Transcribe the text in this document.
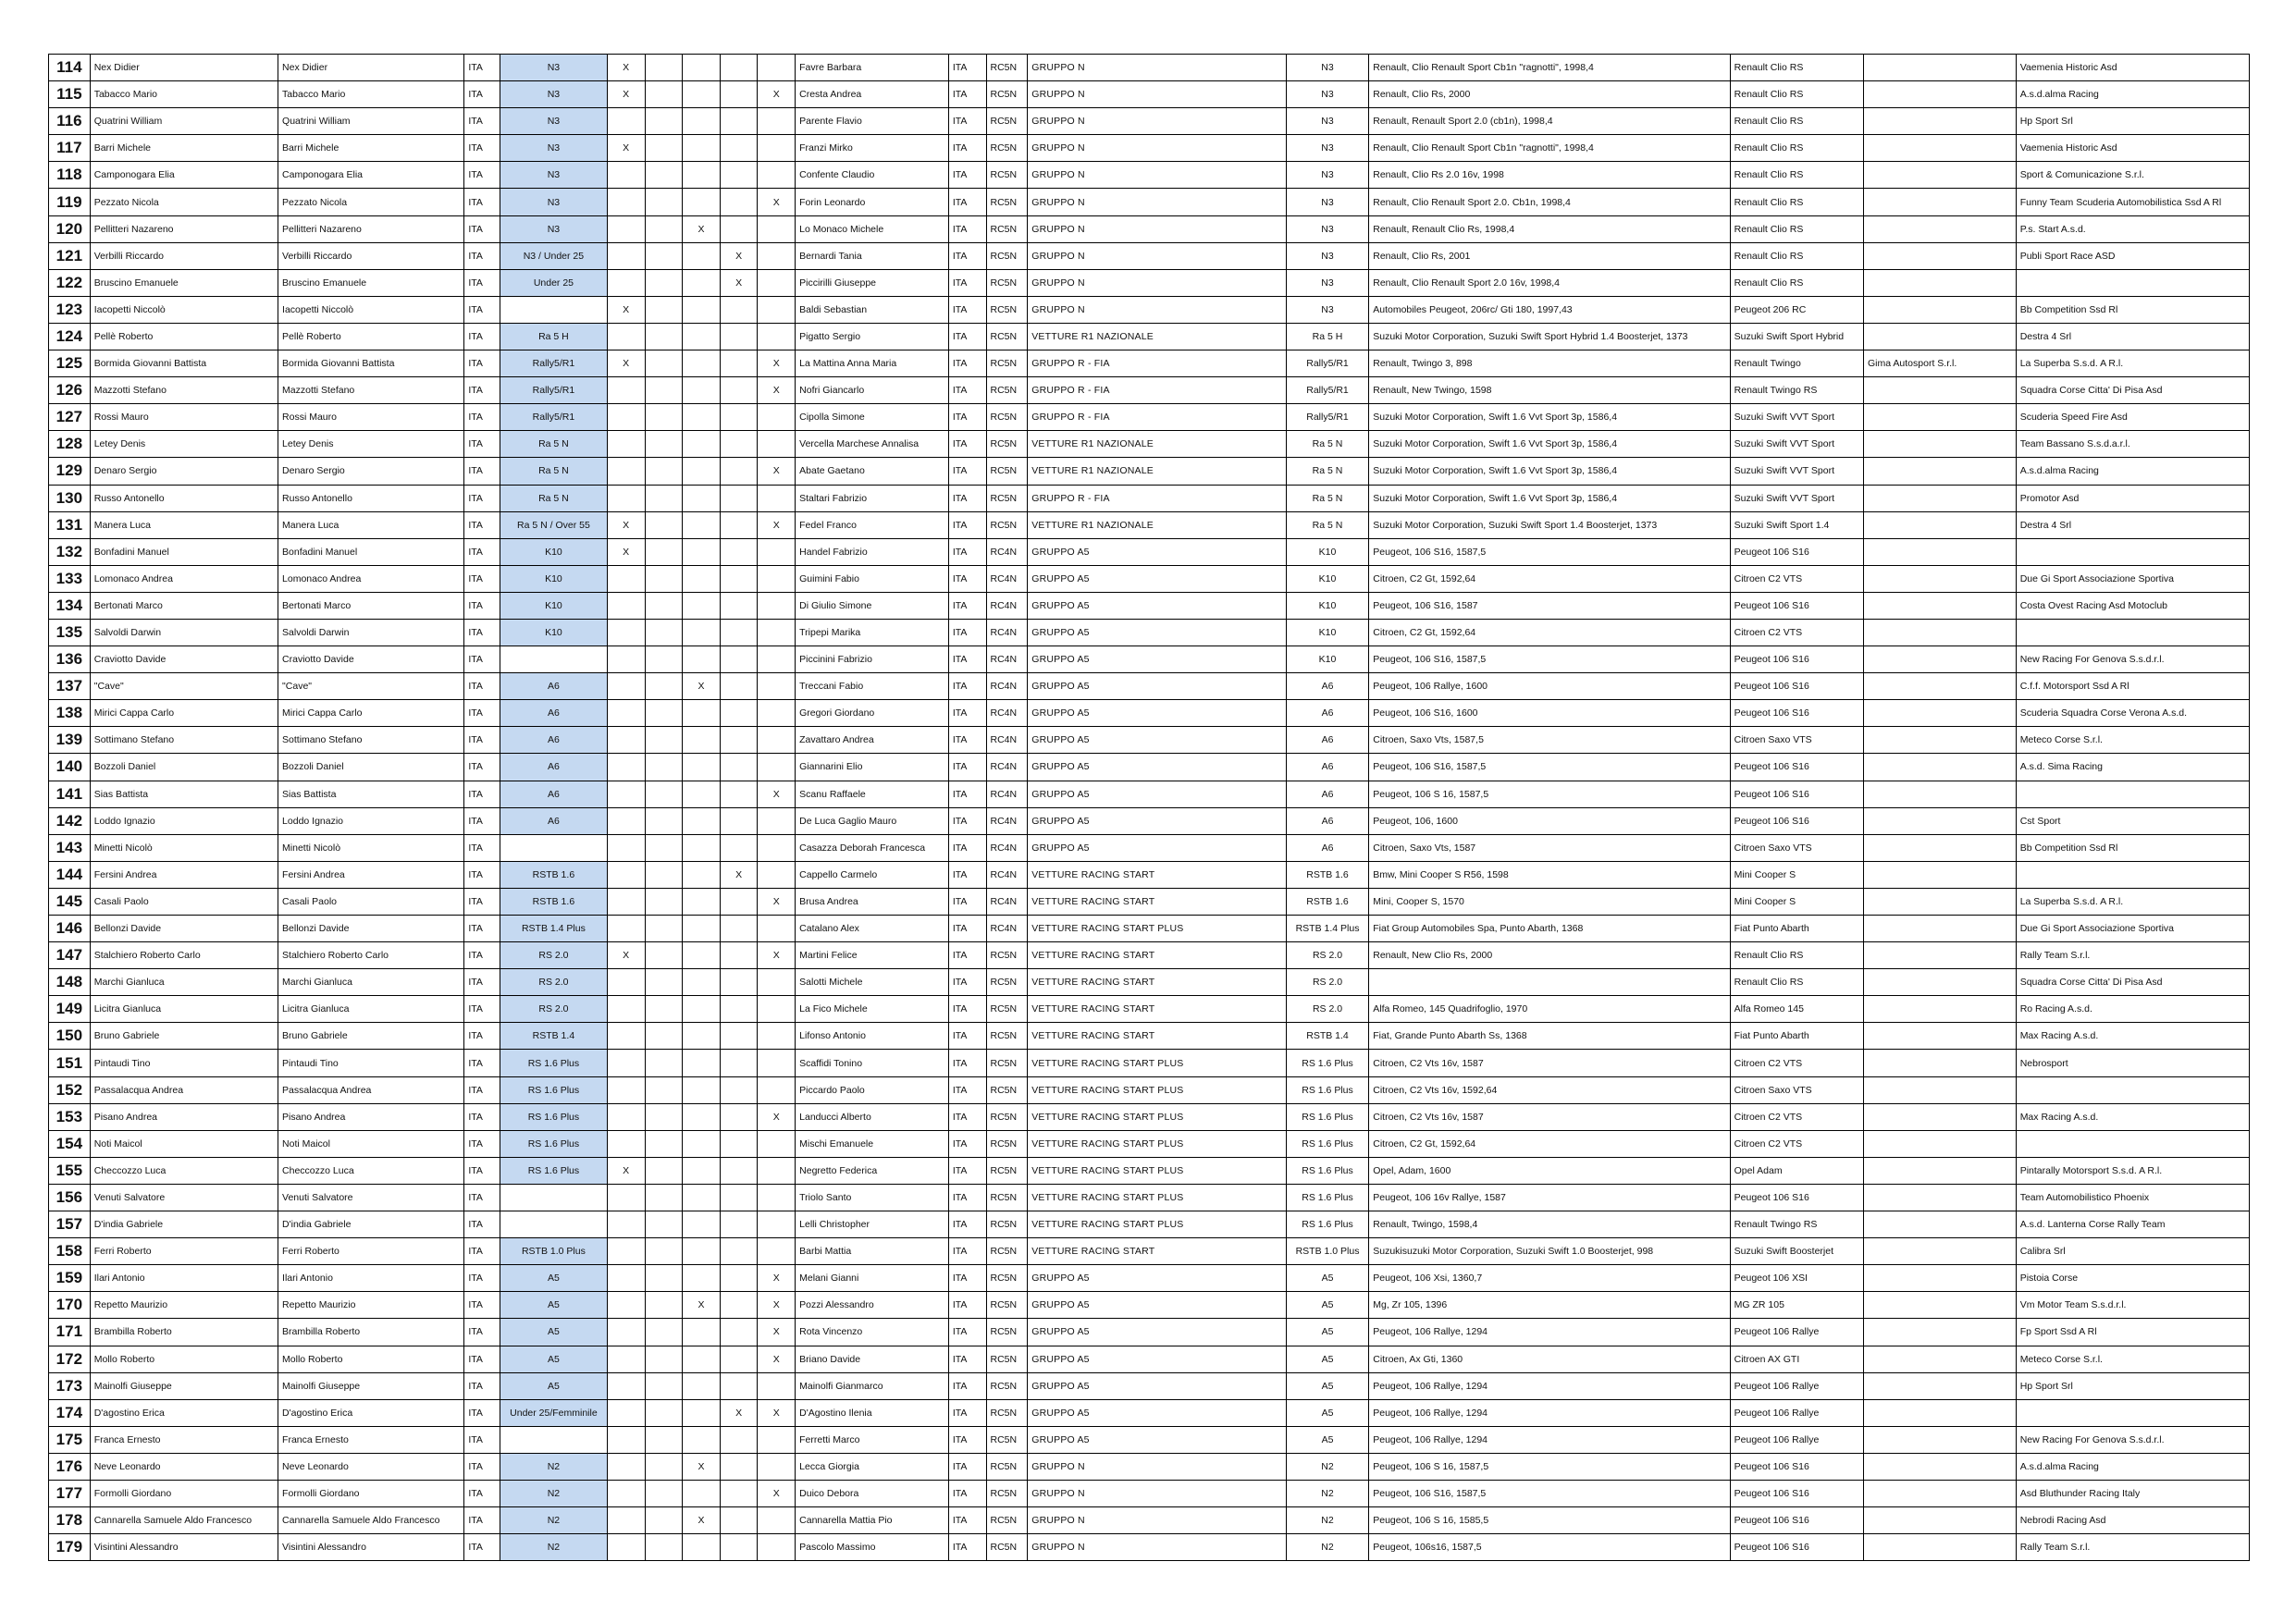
114	Nex Didier	Nex Didier	ITA	N3	X					Favre Barbara	ITA	RC5N	GRUPPO N	N3	Renault, Clio Renault Sport Cb1n "ragnotti", 1998,4	Renault Clio RS		Vaemenia Historic Asd
115	Tabacco Mario	Tabacco Mario	ITA	N3	X				X	Cresta Andrea	ITA	RC5N	GRUPPO N	N3	Renault, Clio Rs, 2000	Renault Clio RS		A.s.d.alma Racing
116	Quatrini William	Quatrini William	ITA	N3						Parente Flavio	ITA	RC5N	GRUPPO N	N3	Renault, Renault Sport 2.0 (cb1n), 1998,4	Renault Clio RS		Hp Sport Srl
117	Barri Michele	Barri Michele	ITA	N3	X					Franzi Mirko	ITA	RC5N	GRUPPO N	N3	Renault, Clio Renault Sport Cb1n "ragnotti", 1998,4	Renault Clio RS		Vaemenia Historic Asd
118	Camponogara Elia	Camponogara Elia	ITA	N3						Confente Claudio	ITA	RC5N	GRUPPO N	N3	Renault, Clio Rs 2.0 16v, 1998	Renault Clio RS		Sport & Comunicazione S.r.l.
119	Pezzato Nicola	Pezzato Nicola	ITA	N3					X	Forin Leonardo	ITA	RC5N	GRUPPO N	N3	Renault, Clio Renault Sport 2.0. Cb1n, 1998,4	Renault Clio RS		Funny Team Scuderia Automobilistica Ssd A Rl
120	Pellitteri Nazareno	Pellitteri Nazareno	ITA	N3			X			Lo Monaco Michele	ITA	RC5N	GRUPPO N	N3	Renault, Renault Clio Rs, 1998,4	Renault Clio RS		P.s. Start A.s.d.
121	Verbilli Riccardo	Verbilli Riccardo	ITA	N3 / Under 25				X		Bernardi Tania	ITA	RC5N	GRUPPO N	N3	Renault, Clio Rs, 2001	Renault Clio RS		Publi Sport Race ASD
122	Bruscino Emanuele	Bruscino Emanuele	ITA	Under 25				X		Piccirilli Giuseppe	ITA	RC5N	GRUPPO N	N3	Renault, Clio Renault Sport 2.0 16v, 1998,4	Renault Clio RS		
123	Iacopetti Niccolò	Iacopetti Niccolò	ITA		X					Baldi Sebastian	ITA	RC5N	GRUPPO N	N3	Automobiles Peugeot, 206rc/ Gti 180, 1997,43	Peugeot 206 RC		Bb Competition Ssd Rl
124	Pellè Roberto	Pellè Roberto	ITA	Ra 5 H						Pigatto Sergio	ITA	RC5N	VETTURE R1 NAZIONALE	Ra 5 H	Suzuki Motor Corporation, Suzuki Swift Sport Hybrid 1.4 Boosterjet, 1373	Suzuki Swift Sport Hybrid		Destra 4 Srl
125	Bormida Giovanni Battista	Bormida Giovanni Battista	ITA	Rally5/R1	X				X	La Mattina Anna Maria	ITA	RC5N	GRUPPO R - FIA	Rally5/R1	Renault, Twingo 3, 898	Renault Twingo	Gima Autosport S.r.l.	La Superba S.s.d. A R.l.
126	Mazzotti Stefano	Mazzotti Stefano	ITA	Rally5/R1					X	Nofri Giancarlo	ITA	RC5N	GRUPPO R - FIA	Rally5/R1	Renault, New Twingo, 1598	Renault Twingo RS		Squadra Corse Citta' Di Pisa Asd
127	Rossi Mauro	Rossi Mauro	ITA	Rally5/R1						Cipolla Simone	ITA	RC5N	GRUPPO R - FIA	Rally5/R1	Suzuki Motor Corporation, Swift 1.6 Vvt Sport 3p, 1586,4	Suzuki Swift VVT Sport		Scuderia Speed Fire Asd
128	Letey Denis	Letey Denis	ITA	Ra 5 N						Vercella Marchese Annalisa	ITA	RC5N	VETTURE R1 NAZIONALE	Ra 5 N	Suzuki Motor Corporation, Swift 1.6 Vvt Sport 3p, 1586,4	Suzuki Swift VVT Sport		Team Bassano S.s.d.a.r.l.
129	Denaro Sergio	Denaro Sergio	ITA	Ra 5 N					X	Abate Gaetano	ITA	RC5N	VETTURE R1 NAZIONALE	Ra 5 N	Suzuki Motor Corporation, Swift 1.6 Vvt Sport 3p, 1586,4	Suzuki Swift VVT Sport		A.s.d.alma Racing
130	Russo Antonello	Russo Antonello	ITA	Ra 5 N						Staltari Fabrizio	ITA	RC5N	GRUPPO R - FIA	Ra 5 N	Suzuki Motor Corporation, Swift 1.6 Vvt Sport 3p, 1586,4	Suzuki Swift VVT Sport		Promotor Asd
131	Manera Luca	Manera Luca	ITA	Ra 5 N / Over 55	X				X	Fedel Franco	ITA	RC5N	VETTURE R1 NAZIONALE	Ra 5 N	Suzuki Motor Corporation, Suzuki Swift Sport 1.4 Boosterjet, 1373	Suzuki Swift Sport 1.4		Destra 4 Srl
132	Bonfadini Manuel	Bonfadini Manuel	ITA	K10	X					Handel Fabrizio	ITA	RC4N	GRUPPO A5	K10	Peugeot, 106 S16, 1587,5	Peugeot 106 S16		
133	Lomonaco Andrea	Lomonaco Andrea	ITA	K10						Guimini Fabio	ITA	RC4N	GRUPPO A5	K10	Citroen, C2 Gt, 1592,64	Citroen C2 VTS		Due Gi Sport Associazione Sportiva
134	Bertonati Marco	Bertonati Marco	ITA	K10						Di Giulio Simone	ITA	RC4N	GRUPPO A5	K10	Peugeot, 106 S16, 1587	Peugeot 106 S16		Costa Ovest Racing Asd Motoclub
135	Salvoldi Darwin	Salvoldi Darwin	ITA	K10						Tripepi Marika	ITA	RC4N	GRUPPO A5	K10	Citroen, C2 Gt, 1592,64	Citroen C2 VTS		
136	Craviotto Davide	Craviotto Davide	ITA							Piccinini Fabrizio	ITA	RC4N	GRUPPO A5	K10	Peugeot, 106 S16, 1587,5	Peugeot 106 S16		New Racing For Genova S.s.d.r.l.
137	"Cave"	"Cave"	ITA	A6			X			Treccani Fabio	ITA	RC4N	GRUPPO A5	A6	Peugeot, 106 Rallye, 1600	Peugeot 106 S16		C.f.f. Motorsport Ssd A Rl
138	Mirici Cappa Carlo	Mirici Cappa Carlo	ITA	A6						Gregori Giordano	ITA	RC4N	GRUPPO A5	A6	Peugeot, 106 S16, 1600	Peugeot 106 S16		Scuderia Squadra Corse Verona A.s.d.
139	Sottimano Stefano	Sottimano Stefano	ITA	A6						Zavattaro Andrea	ITA	RC4N	GRUPPO A5	A6	Citroen, Saxo Vts, 1587,5	Citroen Saxo VTS		Meteco Corse S.r.l.
140	Bozzoli Daniel	Bozzoli Daniel	ITA	A6						Giannarini Elio	ITA	RC4N	GRUPPO A5	A6	Peugeot, 106 S16, 1587,5	Peugeot 106 S16		A.s.d. Sima Racing
141	Sias Battista	Sias Battista	ITA	A6					X	Scanu Raffaele	ITA	RC4N	GRUPPO A5	A6	Peugeot, 106 S 16, 1587,5	Peugeot 106 S16		
142	Loddo Ignazio	Loddo Ignazio	ITA	A6						De Luca Gaglio Mauro	ITA	RC4N	GRUPPO A5	A6	Peugeot, 106, 1600	Peugeot 106 S16		Cst Sport
143	Minetti Nicolò	Minetti Nicolò	ITA							Casazza Deborah Francesca	ITA	RC4N	GRUPPO A5	A6	Citroen, Saxo Vts, 1587	Citroen Saxo VTS		Bb Competition Ssd Rl
144	Fersini Andrea	Fersini Andrea	ITA	RSTB 1.6				X		Cappello Carmelo	ITA	RC4N	VETTURE RACING START	RSTB 1.6	Bmw, Mini Cooper S R56, 1598	Mini Cooper S		
145	Casali Paolo	Casali Paolo	ITA	RSTB 1.6					X	Brusa Andrea	ITA	RC4N	VETTURE RACING START	RSTB 1.6	Mini, Cooper S, 1570	Mini Cooper S		La Superba S.s.d. A R.l.
146	Bellonzi Davide	Bellonzi Davide	ITA	RSTB 1.4 Plus						Catalano Alex	ITA	RC4N	VETTURE RACING START PLUS	RSTB 1.4 Plus	Fiat Group Automobiles Spa, Punto Abarth, 1368	Fiat Punto Abarth		Due Gi Sport Associazione Sportiva
147	Stalchiero Roberto Carlo	Stalchiero Roberto Carlo	ITA	RS 2.0	X				X	Martini Felice	ITA	RC5N	VETTURE RACING START	RS 2.0	Renault, New Clio Rs, 2000	Renault Clio RS		Rally Team S.r.l.
148	Marchi Gianluca	Marchi Gianluca	ITA	RS 2.0						Salotti Michele	ITA	RC5N	VETTURE RACING START	RS 2.0		Renault Clio RS		Squadra Corse Citta' Di Pisa Asd
149	Licitra Gianluca	Licitra Gianluca	ITA	RS 2.0						La Fico Michele	ITA	RC5N	VETTURE RACING START	RS 2.0	Alfa Romeo, 145 Quadrifoglio, 1970	Alfa Romeo 145		Ro Racing A.s.d.
150	Bruno Gabriele	Bruno Gabriele	ITA	RSTB 1.4						Lifonso Antonio	ITA	RC5N	VETTURE RACING START	RSTB 1.4	Fiat, Grande Punto Abarth Ss, 1368	Fiat Punto Abarth		Max Racing A.s.d.
151	Pintaudi Tino	Pintaudi Tino	ITA	RS 1.6 Plus						Scaffidi Tonino	ITA	RC5N	VETTURE RACING START PLUS	RS 1.6 Plus	Citroen, C2 Vts 16v, 1587	Citroen C2 VTS		Nebrosport
152	Passalacqua Andrea	Passalacqua Andrea	ITA	RS 1.6 Plus						Piccardo Paolo	ITA	RC5N	VETTURE RACING START PLUS	RS 1.6 Plus	Citroen, C2 Vts 16v, 1592,64	Citroen Saxo VTS		
153	Pisano Andrea	Pisano Andrea	ITA	RS 1.6 Plus					X	Landucci Alberto	ITA	RC5N	VETTURE RACING START PLUS	RS 1.6 Plus	Citroen, C2 Vts 16v, 1587	Citroen C2 VTS		Max Racing A.s.d.
154	Noti Maicol	Noti Maicol	ITA	RS 1.6 Plus						Mischi Emanuele	ITA	RC5N	VETTURE RACING START PLUS	RS 1.6 Plus	Citroen, C2 Gt, 1592,64	Citroen C2 VTS		
155	Checcozzo Luca	Checcozzo Luca	ITA	RS 1.6 Plus	X					Negretto Federica	ITA	RC5N	VETTURE RACING START PLUS	RS 1.6 Plus	Opel, Adam, 1600	Opel Adam		Pintarally Motorsport S.s.d. A R.l.
156	Venuti Salvatore	Venuti Salvatore	ITA							Triolo Santo	ITA	RC5N	VETTURE RACING START PLUS	RS 1.6 Plus	Peugeot, 106 16v Rallye, 1587	Peugeot 106 S16		Team Automobilistico Phoenix
157	D'india Gabriele	D'india Gabriele	ITA							Lelli Christopher	ITA	RC5N	VETTURE RACING START PLUS	RS 1.6 Plus	Renault, Twingo, 1598,4	Renault Twingo RS		A.s.d. Lanterna Corse Rally Team
158	Ferri Roberto	Ferri Roberto	ITA	RSTB 1.0 Plus						Barbi Mattia	ITA	RC5N	VETTURE RACING START	RSTB 1.0 Plus	Suzukisuzuki Motor Corporation, Suzuki Swift 1.0 Boosterjet, 998	Suzuki Swift Boosterjet		Calibra Srl
159	Ilari Antonio	Ilari Antonio	ITA	A5					X	Melani Gianni	ITA	RC5N	GRUPPO A5	A5	Peugeot, 106 Xsi, 1360,7	Peugeot 106 XSI		Pistoia Corse
170	Repetto Maurizio	Repetto Maurizio	ITA	A5			X		X	Pozzi Alessandro	ITA	RC5N	GRUPPO A5	A5	Mg, Zr 105, 1396	MG ZR 105		Vm Motor Team S.s.d.r.l.
171	Brambilla Roberto	Brambilla Roberto	ITA	A5					X	Rota Vincenzo	ITA	RC5N	GRUPPO A5	A5	Peugeot, 106 Rallye, 1294	Peugeot 106 Rallye		Fp Sport Ssd A Rl
172	Mollo Roberto	Mollo Roberto	ITA	A5					X	Briano Davide	ITA	RC5N	GRUPPO A5	A5	Citroen, Ax Gti, 1360	Citroen AX GTI		Meteco Corse S.r.l.
173	Mainolfi Giuseppe	Mainolfi Giuseppe	ITA	A5						Mainolfi Gianmarco	ITA	RC5N	GRUPPO A5	A5	Peugeot, 106 Rallye, 1294	Peugeot 106 Rallye		Hp Sport Srl
174	D'agostino Erica	D'agostino Erica	ITA	Under 25/Femminile				X	X	D'Agostino Ilenia	ITA	RC5N	GRUPPO A5	A5	Peugeot, 106 Rallye, 1294	Peugeot 106 Rallye		
175	Franca Ernesto	Franca Ernesto	ITA							Ferretti Marco	ITA	RC5N	GRUPPO A5	A5	Peugeot, 106 Rallye, 1294	Peugeot 106 Rallye		New Racing For Genova S.s.d.r.l.
176	Neve Leonardo	Neve Leonardo	ITA	N2			X			Lecca Giorgia	ITA	RC5N	GRUPPO N	N2	Peugeot, 106 S 16, 1587,5	Peugeot 106 S16		A.s.d.alma Racing
177	Formolli Giordano	Formolli Giordano	ITA	N2					X	Duico Debora	ITA	RC5N	GRUPPO N	N2	Peugeot, 106 S16, 1587,5	Peugeot 106 S16		Asd Bluthunder Racing Italy
178	Cannarella Samuele Aldo Francesco	Cannarella Samuele Aldo Francesco	ITA	N2			X			Cannarella Mattia Pio	ITA	RC5N	GRUPPO N	N2	Peugeot, 106 S 16, 1585,5	Peugeot 106 S16		Nebrodi Racing Asd
179	Visintini Alessandro	Visintini Alessandro	ITA	N2						Pascolo Massimo	ITA	RC5N	GRUPPO N	N2	Peugeot, 106s16, 1587,5	Peugeot 106 S16		Rally Team S.r.l.
